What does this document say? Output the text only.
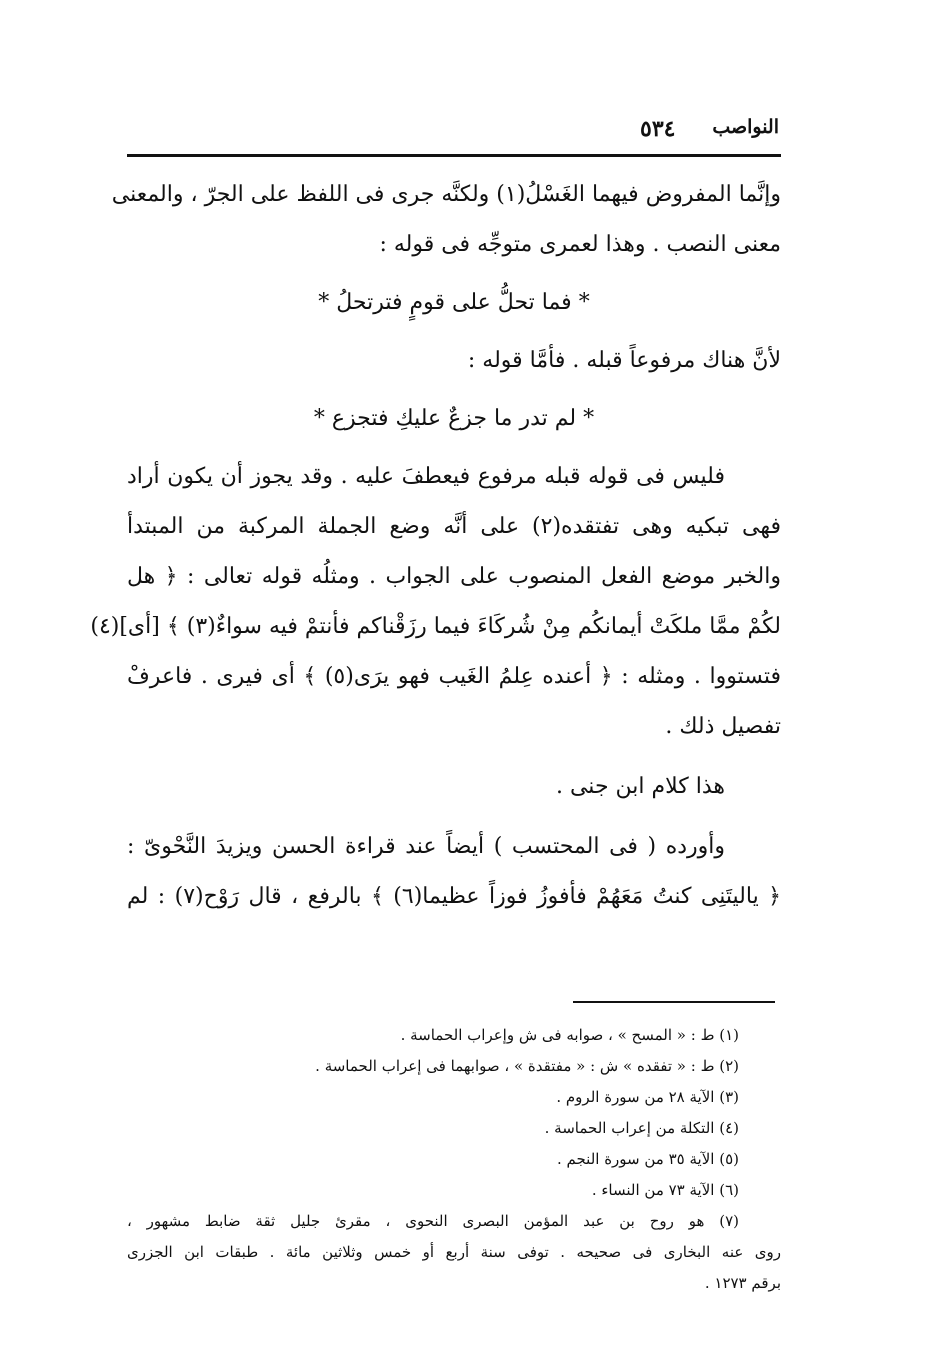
النواصب
٥٣٤
وإنَّما المفروض فيهما الغَسْلُ(١) ولكنَّه جرى فى اللفظ على الجرّ ، والمعنى
معنى النصب . وهذا لعمرى متوجِّه فى قوله :
* فما تحلُّ على قومٍ فترتحلُ *
لأنَّ هناك مرفوعاً قبله . فأمَّا قوله :
* لم تدر ما جزعٌ عليكِ فتجزع *
فليس فى قوله قبله مرفوع فيعطفَ عليه . وقد يجوز أن يكون أراد
فهى تبكيه وهى تفتقده(٢) على أنَّه وضع الجملة المركبة من المبتدأ
والخبر موضع الفعل المنصوب على الجواب . ومثلُه قوله تعالى : ﴿ هل
لكُمْ ممَّا ملكَتْ أيمانكُم مِنْ شُركَاءَ فيما رزَقْناكم فأنتمْ فيه سواءٌ(٣) ﴾ [أى](٤)
فتستووا . ومثله : ﴿ أعنده عِلمُ الغَيب فهو يرَى(٥) ﴾ أى فيرى . فاعرفْ
تفصيل ذلك .
هذا كلام ابن جنى .
وأورده ( فى المحتسب ) أيضاً عند قراءة الحسن ويزيدَ النَّحْوىّ :
﴿ ياليتَنِى كنتُ مَعَهُمْ فأفوزُ فوزاً عظيما(٦) ﴾ بالرفع ، قال رَوْح(٧) : لم
(١) ط : « المسح » ، صوابه فى ش وإعراب الحماسة .
(٢) ط : « تفقده » ش : « مفتقدة » ، صوابهما فى إعراب الحماسة .
(٣) الآية ٢٨ من سورة الروم .
(٤) التكلة من إعراب الحماسة .
(٥) الآية ٣٥ من سورة النجم .
(٦) الآية ٧٣ من النساء .
(٧) هو روح بن عبد المؤمن البصرى النحوى ، مقرئ جليل ثقة ضابط مشهور ،
روى عنه البخارى فى صحيحه . توفى سنة أربع أو خمس وثلاثين مائة . طبقات ابن الجزرى
برقم ١٢٧٣ .
